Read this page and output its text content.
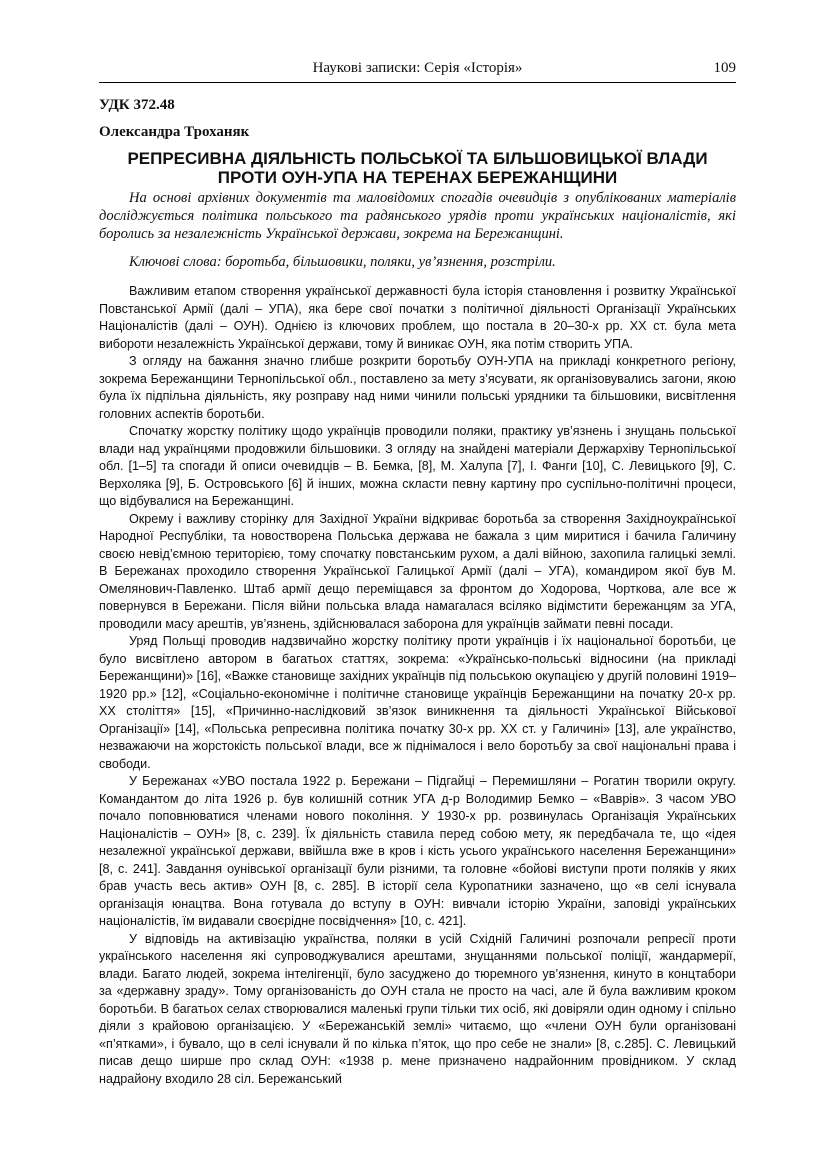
Наукові записки: Серія «Історія»	109
УДК 372.48
Олександра Троханяк
РЕПРЕСИВНА ДІЯЛЬНІСТЬ ПОЛЬСЬКОЇ ТА БІЛЬШОВИЦЬКОЇ ВЛАДИ
ПРОТИ ОУН-УПА НА ТЕРЕНАХ БЕРЕЖАНЩИНИ
На основі архівних документів та маловідомих спогадів очевидців з опублікованих матеріалів досліджується політика польського та радянського урядів проти українських націоналістів, які боролись за незалежність Української держави, зокрема на Бережанщині.
Ключові слова: боротьба, більшовики, поляки, ув’язнення, розстріли.

Важливим етапом створення української державності була історія становлення і розвитку Української Повстанської Армії (далі – УПА), яка бере свої початки з політичної діяльності Організації Українських Націоналістів (далі – ОУН). Однією із ключових проблем, що постала в 20–30-х рр. ХХ ст. була мета вибороти незалежність Української держави, тому й виникає ОУН, яка потім створить УПА.

З огляду на бажання значно глибше розкрити боротьбу ОУН-УПА на прикладі конкретного регіону, зокрема Бережанщини Тернопільської обл., поставлено за мету з’ясувати, як організовувались загони, якою була їх підпільна діяльність, яку розправу над ними чинили польські урядники та більшовики, висвітлення головних аспектів боротьби.

Спочатку жорстку політику щодо українців проводили поляки, практику ув’язнень і знущань польської влади над українцями продовжили більшовики. З огляду на знайдені матеріали Держархіву Тернопільської обл. [1–5] та спогади й описи очевидців – В. Бемка, [8], М. Халупа [7], І. Фанги [10], С. Левицького [9], С. Верхоляка [9], Б. Островського [6] й інших, можна скласти певну картину про суспільно-політичні процеси, що відбувалися на Бережанщині.

Окрему і важливу сторінку для Західної України відкриває боротьба за створення Західноукраїнської Народної Республіки, та новостворена Польська держава не бажала з цим миритися і бачила Галичину своєю невід’ємною територією, тому спочатку повстанським рухом, а далі війною, захопила галицькі землі. В Бережанах проходило створення Української Галицької Армії (далі – УГА), командиром якої був М. Омелянович-Павленко. Штаб армії дещо переміщався за фронтом до Ходорова, Чорткова, але все ж повернувся в Бережани. Після війни польська влада намагалася всіляко відімстити бережанцям за УГА, проводили масу арештів, ув’язнень, здійснювалася заборона для українців займати певні посади.

Уряд Польщі проводив надзвичайно жорстку політику проти українців і їх національної боротьби, це було висвітлено автором в багатьох статтях, зокрема: «Українсько-польські відносини (на прикладі Бережанщини)» [16], «Важке становище західних українців під польською окупацією у другій половині 1919–1920 рр.» [12], «Соціально-економічне і політичне становище українців Бережанщини на початку 20-х рр. ХХ століття» [15], «Причинно-наслідковий зв’язок виникнення та діяльності Української Військової Організації» [14], «Польська репресивна політика початку 30-х рр. ХХ ст. у Галичині» [13], але українство, незважаючи на жорстокість польської влади, все ж піднімалося і вело боротьбу за свої національні права і свободи.

У Бережанах «УВО постала 1922 р. Бережани – Підгайці – Перемишляни – Рогатин творили округу. Командантом до літа 1926 р. був колишній сотник УГА д-р Володимир Бемко – «Ваврів». З часом УВО почало поповнюватися членами нового покоління. У 1930-х рр. розвинулась Організація Українських Націоналістів – ОУН» [8, с. 239]. Їх діяльність ставила перед собою мету, як передбачала те, що «ідея незалежної української держави, ввійшла вже в кров і кість усього українського населення Бережанщини» [8, с. 241]. Завдання оунівської організації були різними, та головне «бойові виступи проти поляків у яких брав участь весь актив» ОУН [8, с. 285]. В історії села Куропатники зазначено, що «в селі існувала організація юнацтва. Вона готувала до вступу в ОУН: вивчали історію України, заповіді українських націоналістів, їм видавали своєрідне посвідчення» [10, с. 421].

У відповідь на активізацію українства, поляки в усій Східній Галичині розпочали репресії проти українського населення які супроводжувалися арештами, знущаннями польської поліції, жандармерії, влади. Багато людей, зокрема інтелігенції, було засуджено до тюремного ув’язнення, кинуто в концтабори за «державну зраду». Тому організованість до ОУН стала не просто на часі, але й була важливим кроком боротьби. В багатьох селах створювалися маленькі групи тільки тих осіб, які довіряли один одному і спільно діяли з крайовою організацією. У «Бережанській землі» читаємо, що «члени ОУН були організовані «п’ятками», і бувало, що в селі існували й по кілька п’яток, що про себе не знали» [8, с.285]. С. Левицький писав дещо ширше про склад ОУН: «1938 р. мене призначено надрайонним провідником. У склад надрайону входило 28 сіл. Бережанський
